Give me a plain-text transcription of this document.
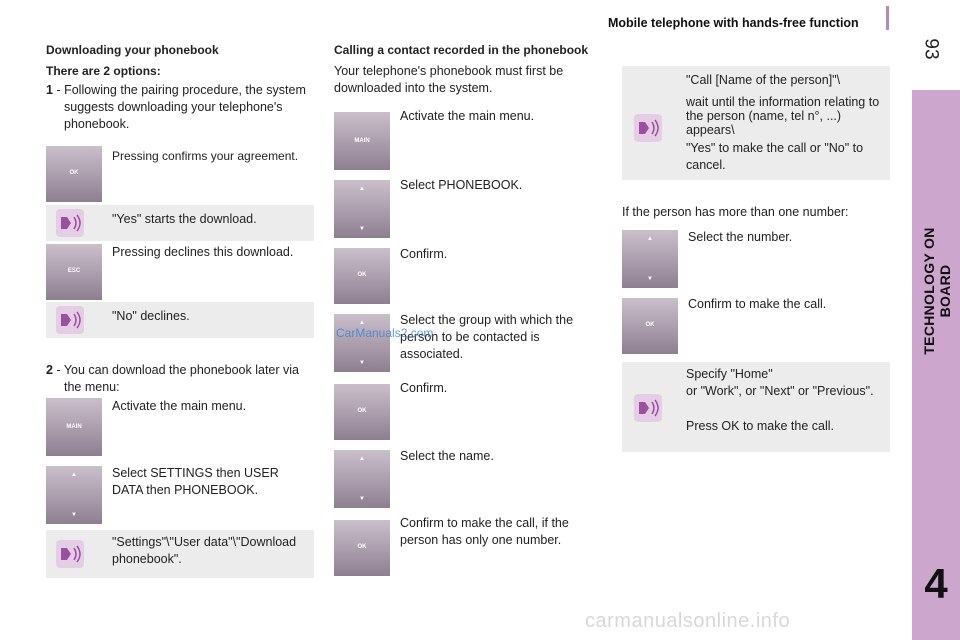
Mobile telephone with hands-free function
93
TECHNOLOGY ON BOARD
4
Downloading your phonebook
There are 2 options:

1 - Following the pairing procedure, the system suggests downloading your telephone's phonebook.

OK
Pressing confirms your agreement.
"Yes" starts the download.
ESC
Pressing declines this download.
"No" declines.

2 - You can download the phonebook later via the menu:

MAIN
Activate the main menu.
▲
▼
Select SETTINGS then USER DATA then PHONEBOOK.
"Settings"\"User data"\"Download phonebook".
Calling a contact recorded in the phonebook

Your telephone's phonebook must first be downloaded into the system.

MAIN
Activate the main menu.
▲
▼
Select PHONEBOOK.
OK
Confirm.
▲
▼
Select the group with which the person to be contacted is associated.
CarManuals2.com
OK
Confirm.
▲
▼
Select the name.
OK
Confirm to make the call, if the person has only one number.
"Call [Name of the person]"\
wait until the information relating to the person (name, tel n°, ...) appears\
"Yes" to make the call or "No" to cancel.
If the person has more than one number:
▲
▼
Select the number.
OK
Confirm to make the call.
Specify "Home"
or "Work", or "Next" or "Previous".
Press OK to make the call.
carmanualsonline.info
